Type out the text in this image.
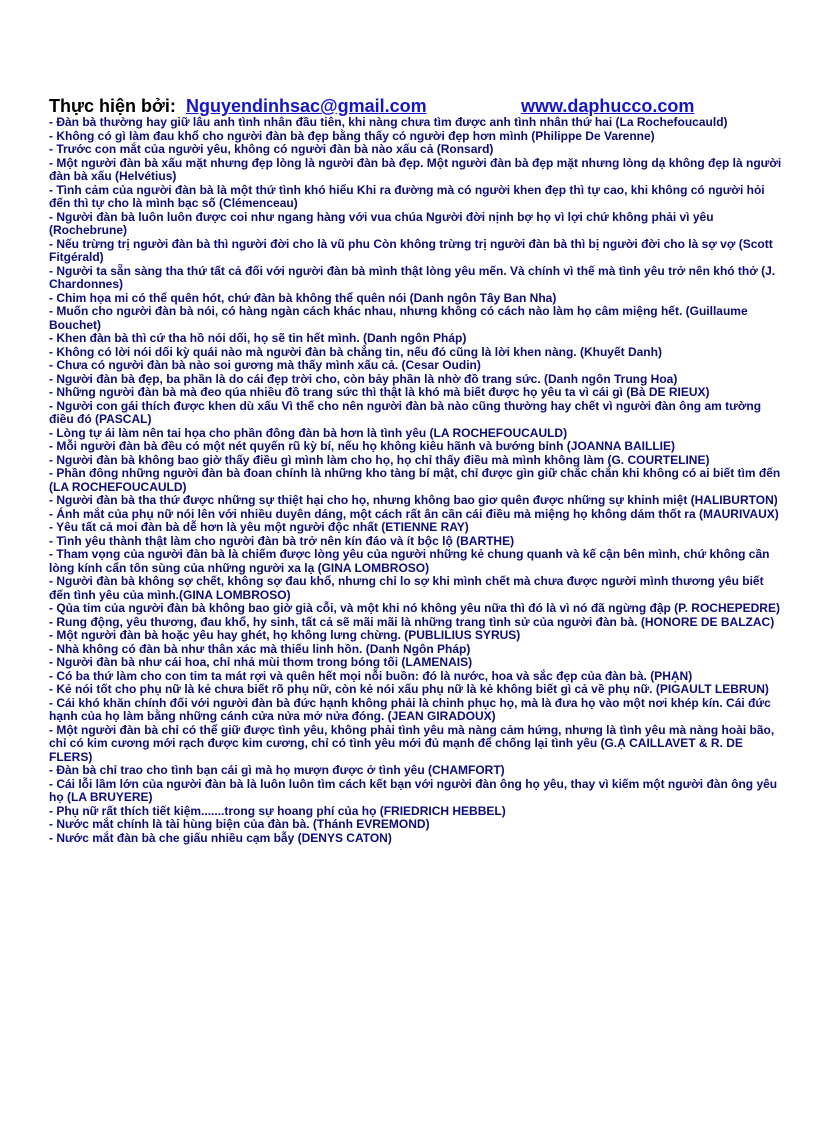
Thực hiện bởi: Nguyendinhsac@gmail.com	www.daphucco.com
- Đàn bà thường hay giữ lâu anh tình nhân đầu tiên, khi nàng chưa tìm được anh tình nhân thứ hai (La Rochefoucauld)
- Không có gì làm đau khổ cho người đàn bà đẹp bằng thấy có người đẹp hơn mình (Philippe De Varenne)
- Trước con mắt của người yêu, không có người đàn bà nào xấu cả (Ronsard)
- Một người đàn bà xấu mặt nhưng đẹp lòng là người đàn bà đẹp. Một người đàn bà đẹp mặt nhưng lòng dạ không đẹp là người đàn bà xấu (Helvétius)
- Tình cảm của người đàn bà là một thứ tình khó hiểu Khi ra đường mà có người khen đẹp thì tự cao, khi không có người hỏi đến thì tự cho là mình bạc số (Clémenceau)
- Người đàn bà luôn luôn được coi như ngang hàng với vua chúa Người đời nịnh bợ họ vì lợi chứ không phải vì yêu (Rochebrune)
- Nếu trừng trị người đàn bà thì người đời cho là vũ phu Còn không trừng trị người đàn bà thì bị người đời cho là sợ vợ (Scott Fitgérald)
- Người ta sẵn sàng tha thứ tất cả đối với người đàn bà mình thật lòng yêu mến. Và chính vì thế mà tình yêu trở nên khó thở (J. Chardonnes)
- Chim họa mi có thể quên hót, chứ đàn bà không thể quên nói (Danh ngôn Tây Ban Nha)
- Muốn cho người đàn bà nói, có hàng ngàn cách khác nhau, nhưng không có cách nào làm họ câm miệng hết. (Guillaume Bouchet)
- Khen đàn bà thì cứ tha hồ nói dối, họ sẽ tin hết mình. (Danh ngôn Pháp)
- Không có lời nói dối kỳ quái nào mà người đàn bà chẳng tin, nếu đó cũng là lời khen nàng. (Khuyết Danh)
- Chưa có người đàn bà nào soi gương mà thấy mình xấu cả. (Cesar Oudin)
- Người đàn bà đẹp, ba phần là do cái đẹp trời cho, còn bảy phần là nhờ đồ trang sức. (Danh ngôn Trung Hoa)
- Những người đàn bà mà đeo qúa nhiều đồ trang sức thì thật là khó mà biết được họ yêu ta vì cái gì (Bà DE RIEUX)
- Người con gái thích được khen dù xấu Vì thế cho nên người đàn bà nào cũng thường hay chết vì người đàn ông am tường điều đó (PASCAL)
- Lòng tự ái làm nên tai họa cho phần đông đàn bà hơn là tình yêu (LA ROCHEFOUCAULD)
- Mỗi người đàn bà đều có một nét quyến rũ kỳ bí, nếu họ không kiêu hãnh và bướng bỉnh (JOANNA BAILLIE)
- Người đàn bà không bao giờ thấy điều gì mình làm cho họ, họ chỉ thấy điều mà mình không làm (G. COURTELINE)
- Phần đông những người đàn bà đoan chính là những kho tàng bí mật, chỉ được gìn giữ chắc chắn khi không có ai biết tìm đến (LA ROCHEFOUCAULD)
- Người đàn bà tha thứ được những sự thiệt hại cho họ, nhưng không bao giơ quên được những sự khinh miệt (HALIBURTON)
- Ánh mắt của phụ nữ nói lên với nhiều duyên dáng, một cách rất ân cần cái điều mà miệng họ không dám thốt ra (MAURIVAUX)
- Yêu tất cả moi đàn bà dễ hơn là yêu một người độc nhất (ETIENNE RAY)
- Tình yêu thành thật làm cho người đàn bà trở nên kín đáo và ít bộc lộ (BARTHE)
- Tham vọng của người đàn bà là chiếm được lòng yêu của người những kẻ chung quanh và kế cận bên mình, chứ không cần lòng kính cẩn tôn sùng của những người xa lạ (GINA LOMBROSO)
- Người đàn bà không sợ chết, không sợ đau khổ, nhưng chỉ lo sợ khi mình chết mà chưa được người mình thương yêu biết đến tình yêu của mình.(GINA LOMBROSO)
- Qủa tim của người đàn bà không bao giờ già cỗi, và một khi nó không yêu nữa thì đó là vì nó đã ngừng đập (P. ROCHEPEDRE)
- Rung động, yêu thương, đau khổ, hy sinh, tất cả sẽ mãi mãi là những trang tình sử của người đàn bà. (HONORE DE BALZAC)
- Một người đàn bà hoặc yêu hay ghét, họ không lưng chừng. (PUBLILIUS SYRUS)
- Nhà không có đàn bà như thân xác mà thiếu linh hồn. (Danh Ngôn Pháp)
- Người đàn bà như cái hoa, chỉ nhả mùi thơm trong bóng tối (LAMENAIS)
- Có ba thứ làm cho con tim ta mát rợi và quên hết mọi nỗi buồn: đó là nước, hoa và sắc đẹp của đàn bà. (PHẠN)
- Kẻ nói tốt cho phụ nữ là kẻ chưa biết rõ phụ nữ, còn kẻ nói xấu phụ nữ là kẻ không biết gì cả về phụ nữ. (PIGAULT LEBRUN)
- Cái khó khăn chính đối với người đàn bà đức hạnh không phải là chinh phục họ, mà là đưa họ vào một nơi khép kín. Cái đức hạnh của họ làm bằng những cánh cửa nửa mở nửa đóng. (JEAN GIRADOUX)
- Một người đàn bà chỉ có thể giữ được tình yêu, không phải tình yêu mà nàng cảm hứng, nhưng là tình yêu mà nàng hoài bão, chỉ có kim cương mới rạch được kim cương, chỉ có tình yêu mới đủ mạnh để chống lại tình yêu (G.Ạ CAILLAVET & R. DE FLERS)
- Đàn bà chỉ trao cho tình bạn cái gì mà họ mượn được ở tình yêu (CHAMFORT)
- Cái lỗi lầm lớn của người đàn bà là luôn luôn tìm cách kết bạn với người đàn ông họ yêu, thay vì kiếm một người đàn ông yêu họ (LA BRUYERE)
- Phụ nữ rất thích tiết kiệm.......trong sự hoang phí của họ (FRIEDRICH HEBBEL)
- Nước mắt chính là tài hùng biện của đàn bà. (Thánh EVREMOND)
- Nước mắt đàn bà che giấu nhiều cạm bẫy (DENYS CATON)
